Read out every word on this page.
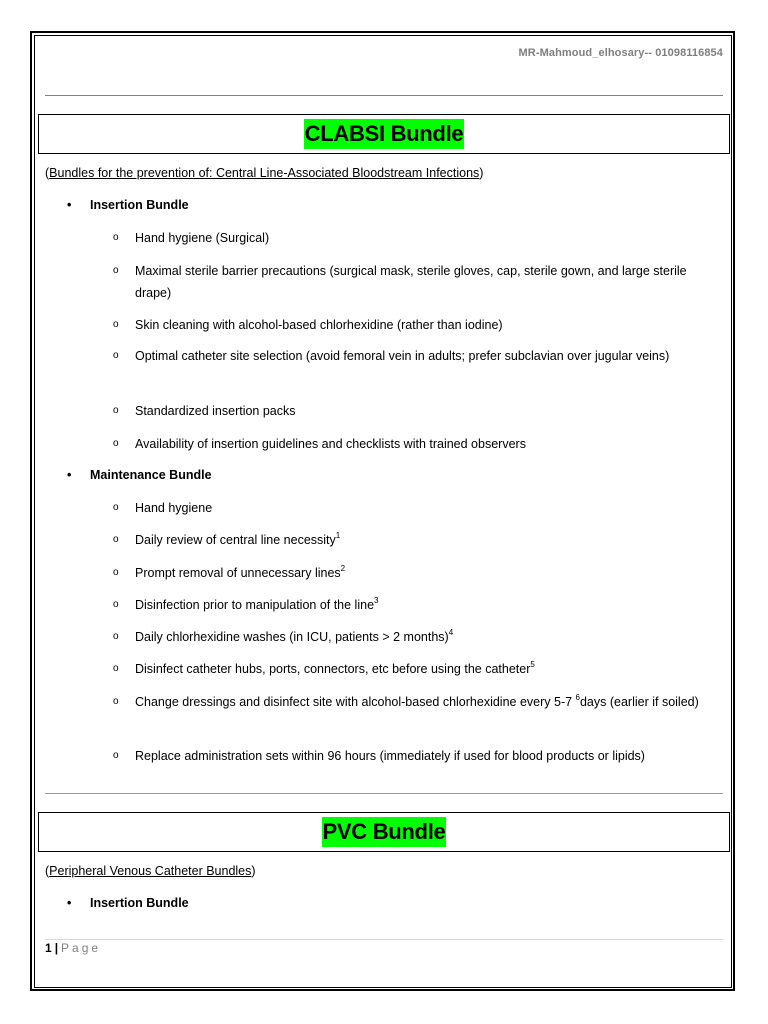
MR-Mahmoud_elhosary-- 01098116854
CLABSI Bundle
(Bundles for the prevention of: Central Line-Associated Bloodstream Infections)
• Insertion Bundle
o Hand hygiene (Surgical)
o Maximal sterile barrier precautions (surgical mask, sterile gloves, cap, sterile gown, and large sterile drape)
o Skin cleaning with alcohol-based chlorhexidine (rather than iodine)
o Optimal catheter site selection (avoid femoral vein in adults; prefer subclavian over jugular veins)
o Standardized insertion packs
o Availability of insertion guidelines and checklists with trained observers
• Maintenance Bundle
o Hand hygiene
o Daily review of central line necessity$^1$
o Prompt removal of unnecessary lines$^2$
o Disinfection prior to manipulation of the line$^3$
o Daily chlorhexidine washes (in ICU, patients > 2 months)$^4$
o Disinfect catheter hubs, ports, connectors, etc before using the catheter$^5$
o Change dressings and disinfect site with alcohol-based chlorhexidine every 5-7 $^6$days (earlier if soiled)
o Replace administration sets within 96 hours (immediately if used for blood products or lipids)
PVC Bundle
(Peripheral Venous Catheter Bundles)
• Insertion Bundle
1 | Page
